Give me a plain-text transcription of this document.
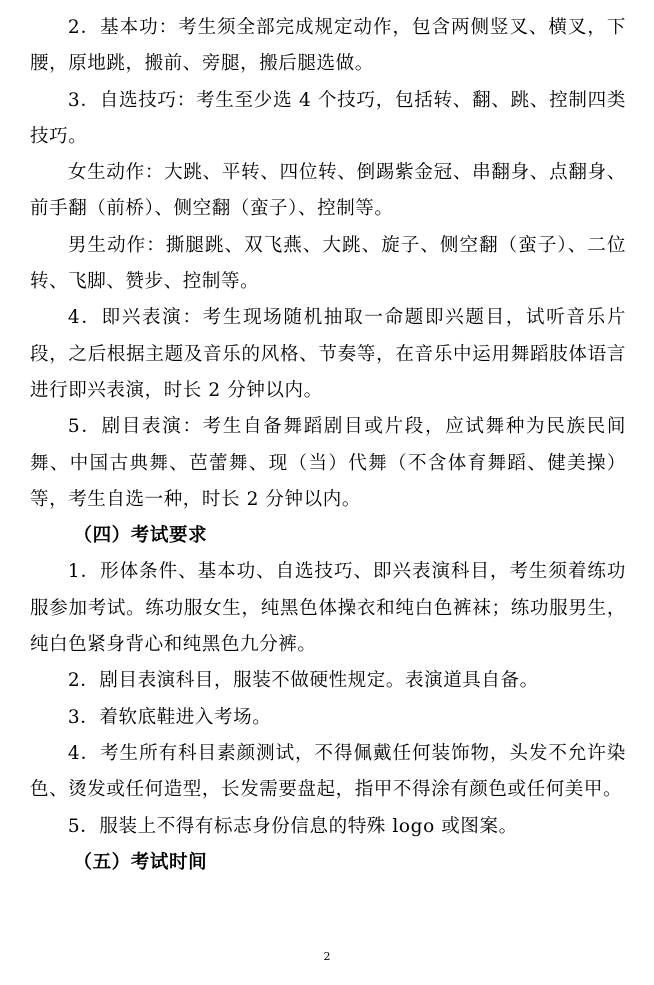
2．基本功：考生须全部完成规定动作，包含两侧竖叉、横叉，下腰，原地跳，搬前、旁腿，搬后腿选做。

3．自选技巧：考生至少选 4 个技巧，包括转、翻、跳、控制四类技巧。

女生动作：大跳、平转、四位转、倒踢紫金冠、串翻身、点翻身、前手翻（前桥）、侧空翻（蛮子）、控制等。

男生动作：撕腿跳、双飞燕、大跳、旋子、侧空翻（蛮子）、二位转、飞脚、赞步、控制等。

4．即兴表演：考生现场随机抽取一命题即兴题目，试听音乐片段，之后根据主题及音乐的风格、节奏等，在音乐中运用舞蹈肢体语言进行即兴表演，时长 2 分钟以内。

5．剧目表演：考生自备舞蹈剧目或片段，应试舞种为民族民间舞、中国古典舞、芭蕾舞、现（当）代舞（不含体育舞蹈、健美操）等，考生自选一种，时长 2 分钟以内。

（四）考试要求

1．形体条件、基本功、自选技巧、即兴表演科目，考生须着练功服参加考试。练功服女生，纯黑色体操衣和纯白色裤袜；练功服男生，纯白色紧身背心和纯黑色九分裤。

2．剧目表演科目，服装不做硬性规定。表演道具自备。

3．着软底鞋进入考场。

4．考生所有科目素颜测试，不得佩戴任何装饰物，头发不允许染色、烫发或任何造型，长发需要盘起，指甲不得涂有颜色或任何美甲。

5．服装上不得有标志身份信息的特殊 logo 或图案。

（五）考试时间

2
